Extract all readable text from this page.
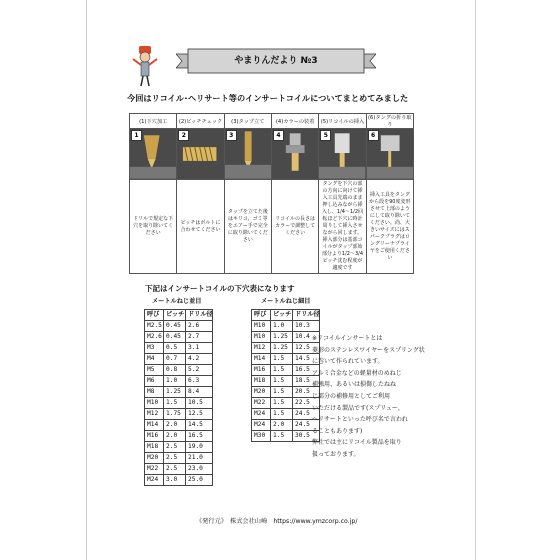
やまりんだより №3
今回はリコイル･ヘリサート等のインサートコイルについてまとめてみました
(1)下穴加工	(2)ピッチチェック	(3)タップ立て	(4)カラーの装着	(5)リコイルの挿入	(6)タングの折り取り

1	2	3	4	5	6

ドリルで規定な下穴を取り除いてください	ピッチはボルトに合わせてください	タップを立てた後はキリコ、ゴミ等をエアー手で完全に取り除いてください	リコイルの長さはカラーで調整してください	タングを下穴の部の方向に向けて挿入工具先端のまま押し込みながら挿入し、1/4～1/2回転ほど下穴に時計周りして挿入させながら回します。挿入部分は基部コイルがタップ部始部分より1/2～3/4ピッチ沈む程度が適度です	挿入工具をタングから段を90度変形させて上部のようにして取り除いてください。尚、大きいサイズにはスパークプラグはロングリーナプライヤをご使用ください
下記はインサートコイルの下穴表になります
メートルねじ並目	メートルねじ細目
呼び	ピッチ	ドリル径
M2.5	0.45	2.6
M2.6	0.45	2.7
M3	0.5	3.1
M4	0.7	4.2
M5	0.8	5.2
M6	1.0	6.3
M8	1.25	8.4
M10	1.5	10.5
M12	1.75	12.5
M14	2.0	14.5
M16	2.0	16.5
M18	2.5	19.0
M20	2.5	21.0
M22	2.5	23.0
M24	3.0	25.0
呼び	ピッチ	ドリル径
M10	1.0	10.3
M10	1.25	10.4
M12	1.25	12.5
M14	1.5	14.5
M16	1.5	16.5
M18	1.5	18.5
M20	1.5	20.5
M22	1.5	22.5
M24	1.5	24.5
M24	2.0	24.5
M30	1.5	30.5

※リコイルインサートとは

菱形のステンレスワイヤーをスプリング状

に巻いて作られています。

アルミ合金などの軽量材のめねじ

補強用、あるいは損傷したねね

じ部分の補修用としてご利用

いただける製品です(スプリュー、

ヘリサートといった呼び名で言われ

ることもあります)

弊社では主にリコイル製品を取り

扱っております。

《発行元》　株式会社山崎　https://www.ymzcorp.co.jp/
